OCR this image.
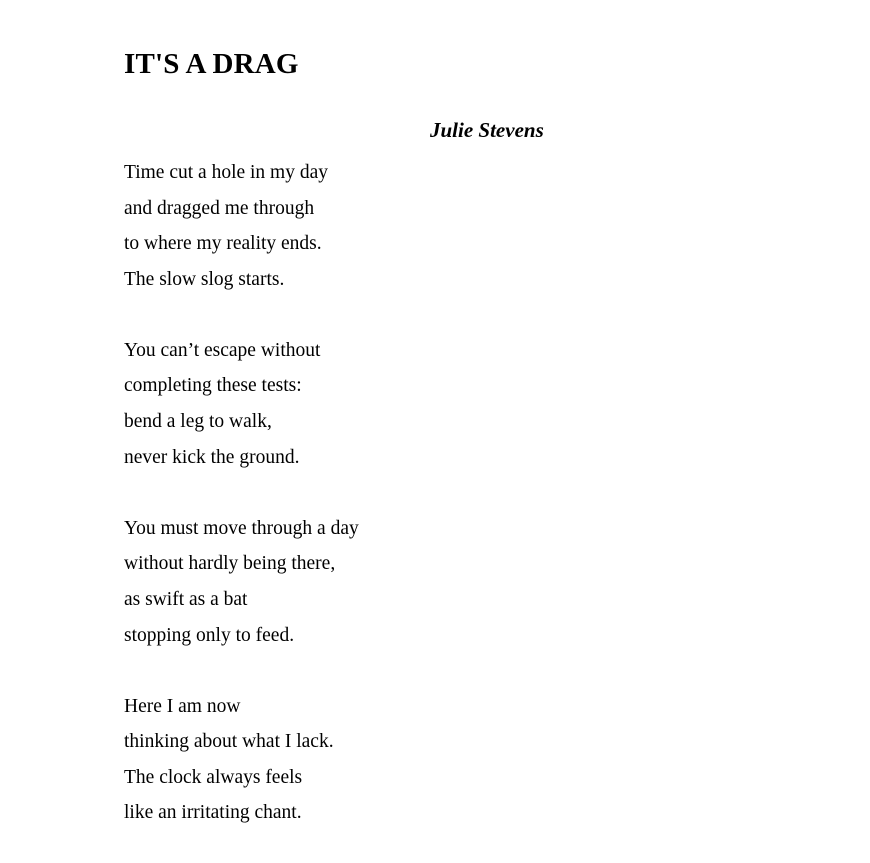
IT'S A DRAG
Julie Stevens
Time cut a hole in my day
and dragged me through
to where my reality ends.
The slow slog starts.
You can’t escape without
completing these tests:
bend a leg to walk,
never kick the ground.
You must move through a day
without hardly being there,
as swift as a bat
stopping only to feed.
Here I am now
thinking about what I lack.
The clock always feels
like an irritating chant.
